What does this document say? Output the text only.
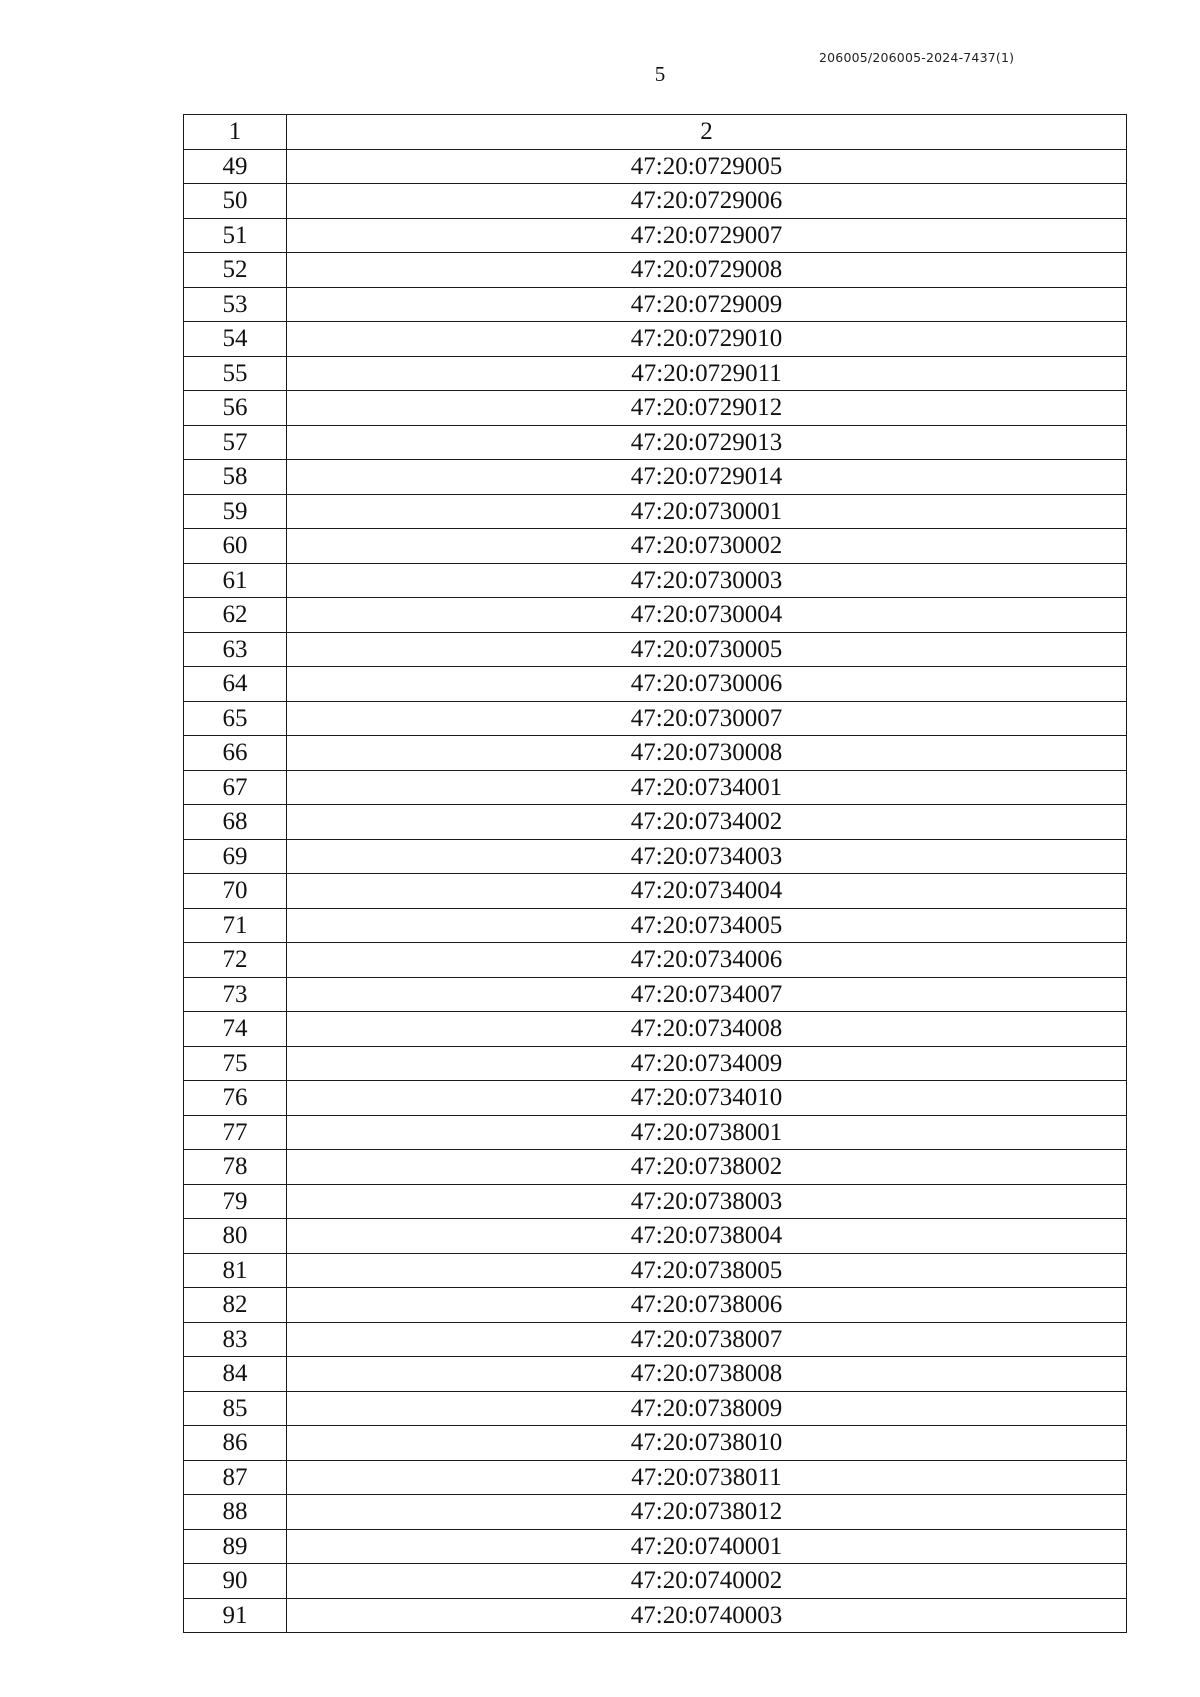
206005/206005-2024-7437(1)
5
1	2
49	47:20:0729005
50	47:20:0729006
51	47:20:0729007
52	47:20:0729008
53	47:20:0729009
54	47:20:0729010
55	47:20:0729011
56	47:20:0729012
57	47:20:0729013
58	47:20:0729014
59	47:20:0730001
60	47:20:0730002
61	47:20:0730003
62	47:20:0730004
63	47:20:0730005
64	47:20:0730006
65	47:20:0730007
66	47:20:0730008
67	47:20:0734001
68	47:20:0734002
69	47:20:0734003
70	47:20:0734004
71	47:20:0734005
72	47:20:0734006
73	47:20:0734007
74	47:20:0734008
75	47:20:0734009
76	47:20:0734010
77	47:20:0738001
78	47:20:0738002
79	47:20:0738003
80	47:20:0738004
81	47:20:0738005
82	47:20:0738006
83	47:20:0738007
84	47:20:0738008
85	47:20:0738009
86	47:20:0738010
87	47:20:0738011
88	47:20:0738012
89	47:20:0740001
90	47:20:0740002
91	47:20:0740003
